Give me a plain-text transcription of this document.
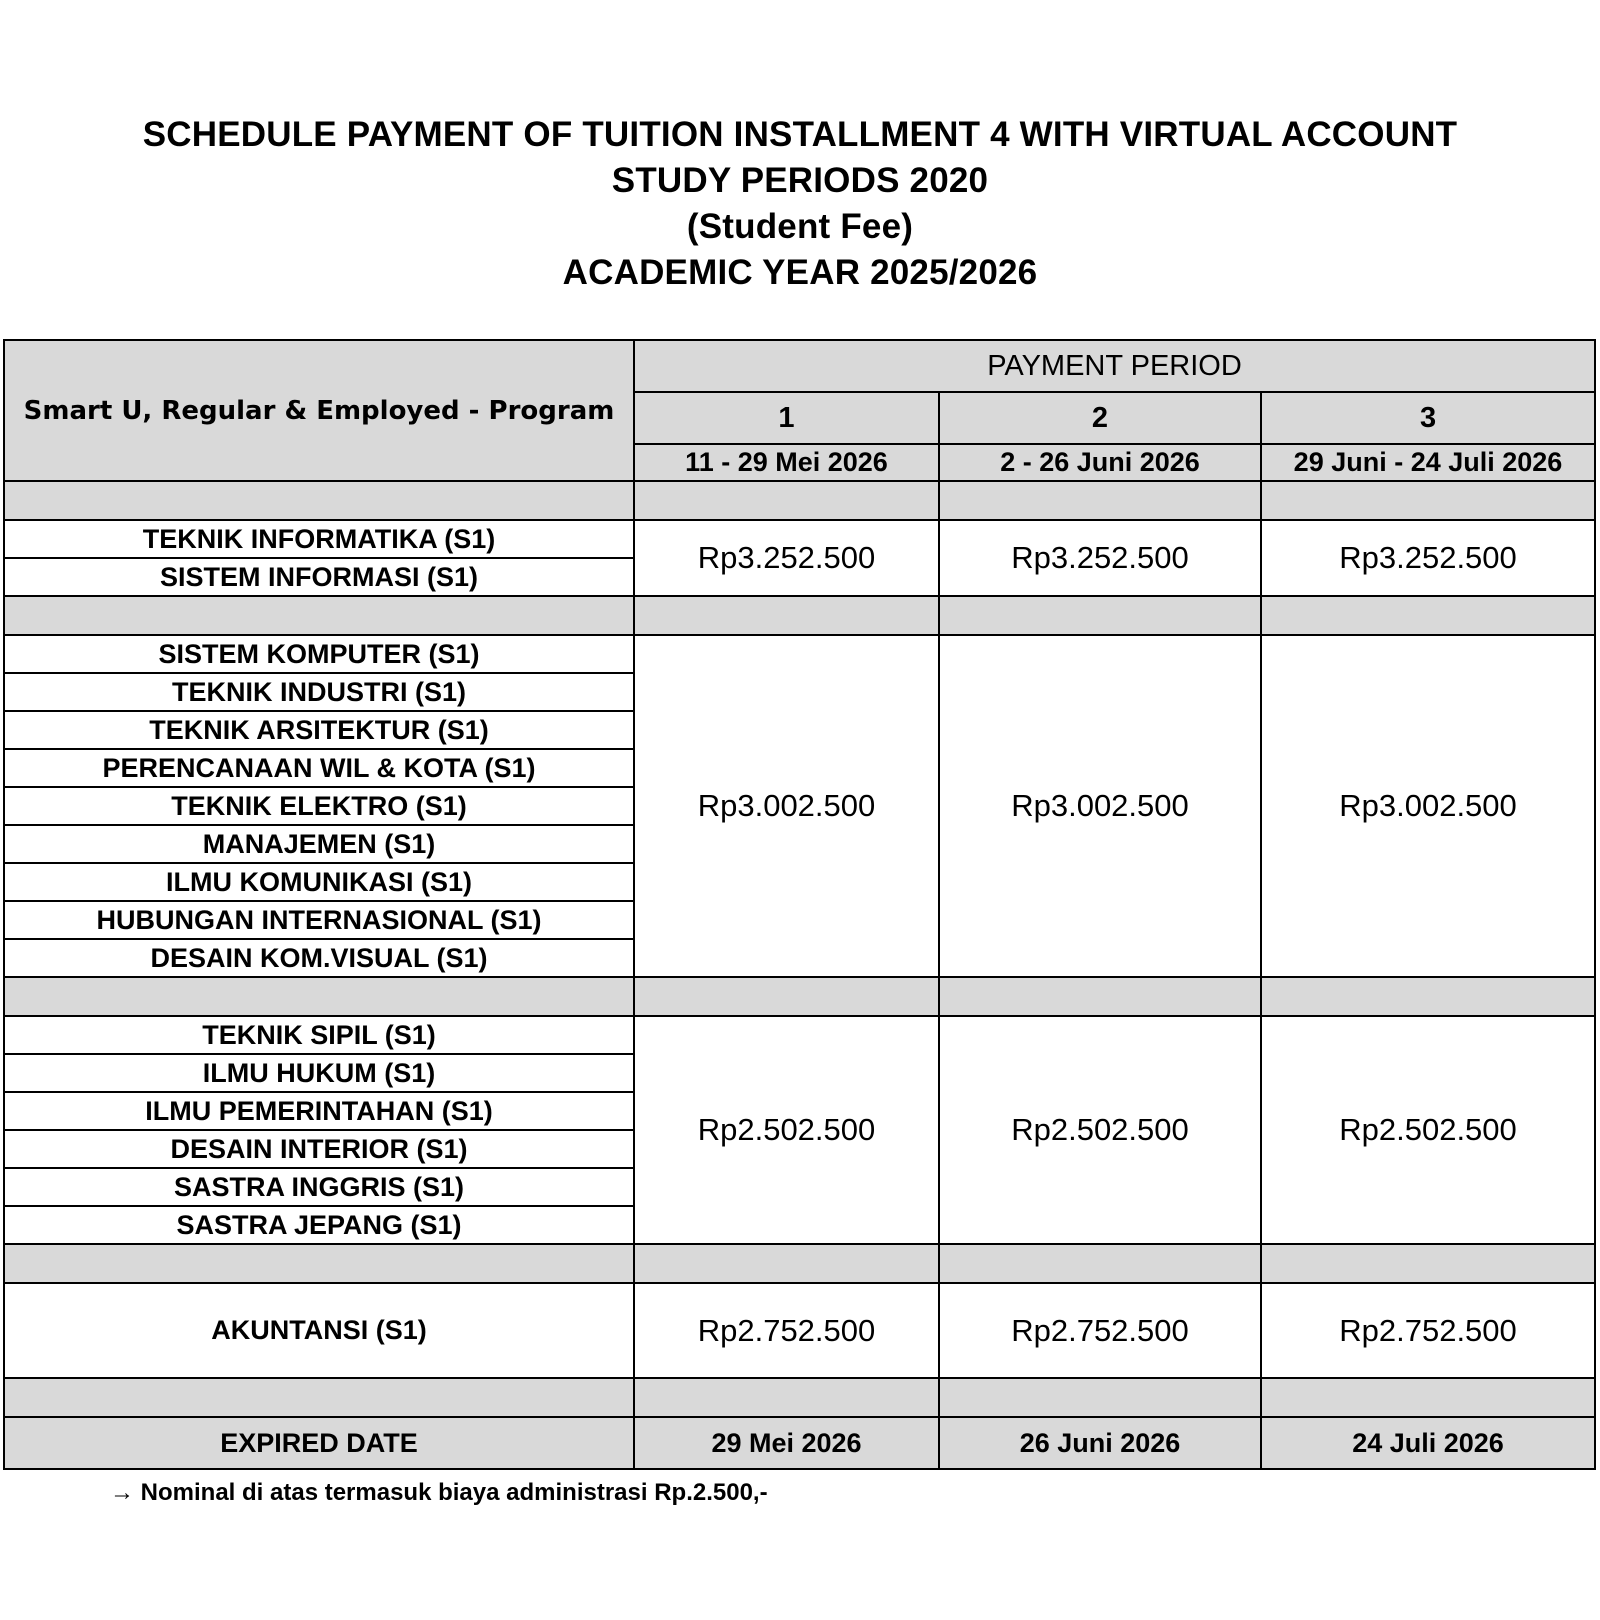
SCHEDULE PAYMENT OF TUITION INSTALLMENT 4 WITH VIRTUAL ACCOUNT

STUDY PERIODS 2020

(Student Fee)

ACADEMIC YEAR 2025/2026

Smart U, Regular & Employed - Program	PAYMENT PERIOD		
	1	2	3
	11 - 29 Mei 2026	2 - 26 Juni 2026	29 Juni - 24 Juli 2026

TEKNIK INFORMATIKA (S1)	Rp3.252.500	Rp3.252.500	Rp3.252.500
SISTEM INFORMASI (S1)			

SISTEM KOMPUTER (S1)	Rp3.002.500	Rp3.002.500	Rp3.002.500
TEKNIK INDUSTRI (S1)			
TEKNIK ARSITEKTUR (S1)			
PERENCANAAN WIL & KOTA (S1)			
TEKNIK ELEKTRO (S1)			
MANAJEMEN (S1)			
ILMU KOMUNIKASI (S1)			
HUBUNGAN INTERNASIONAL (S1)			
DESAIN KOM.VISUAL (S1)			

TEKNIK SIPIL (S1)	Rp2.502.500	Rp2.502.500	Rp2.502.500
ILMU HUKUM (S1)			
ILMU PEMERINTAHAN (S1)			
DESAIN INTERIOR (S1)			
SASTRA INGGRIS (S1)			
SASTRA JEPANG (S1)			

AKUNTANSI (S1)	Rp2.752.500	Rp2.752.500	Rp2.752.500

EXPIRED DATE	29 Mei 2026	26 Juni 2026	24 Juli 2026
→ Nominal di atas termasuk biaya administrasi Rp.2.500,-
